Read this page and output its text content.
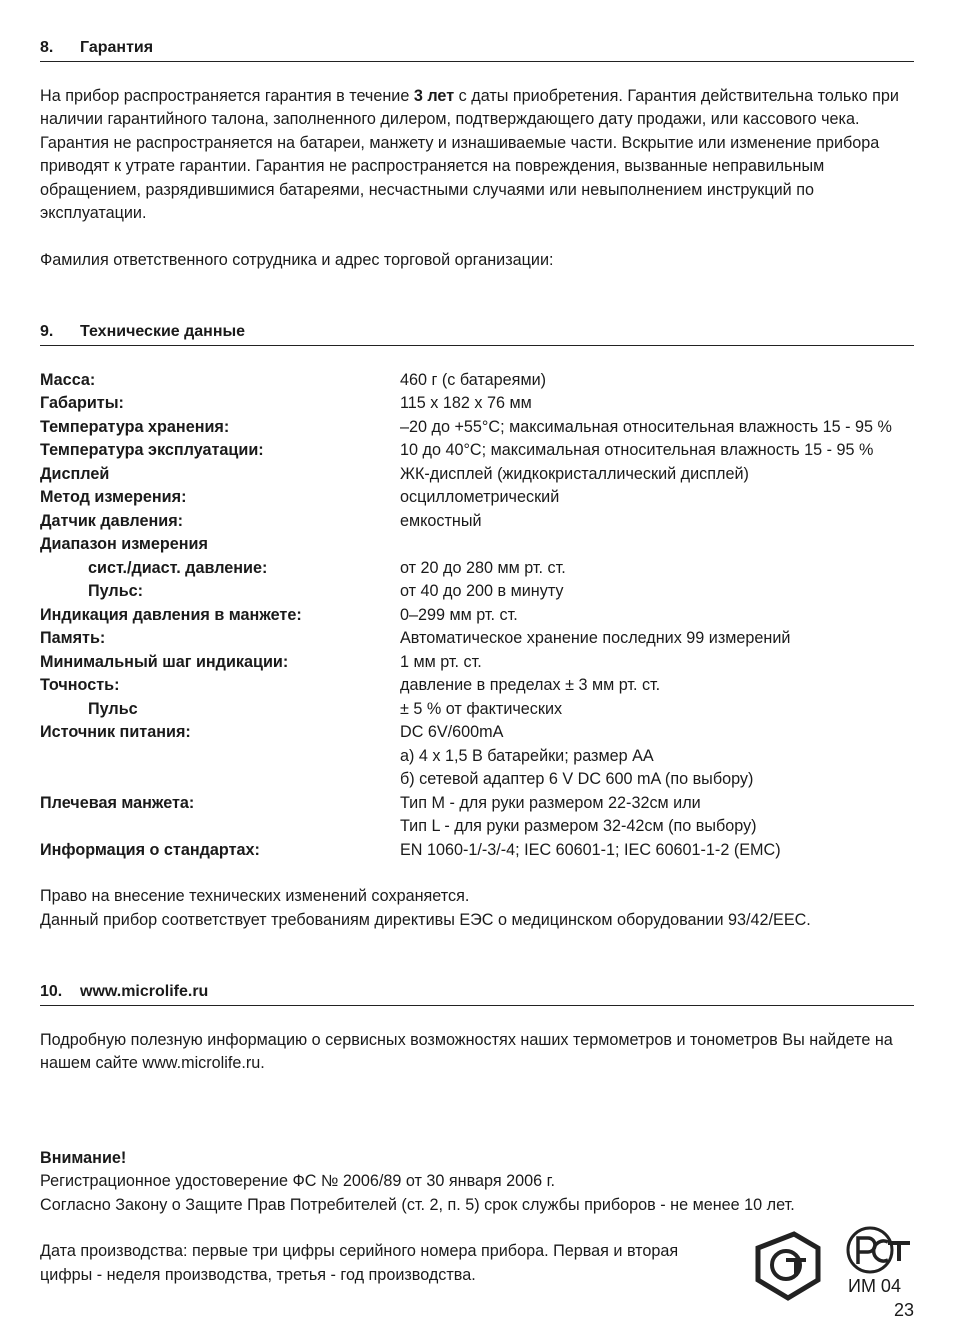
8.	Гарантия

На прибор распространяется гарантия в течение 3 лет с даты приобретения. Гарантия действительна только при наличии гарантийного талона, заполненного дилером, подтверждающего дату продажи, или кассового чека. Гарантия не распространяется на батареи, манжету и изнашиваемые части. Вскрытие или изменение прибора приводят к утрате гарантии. Гарантия не распространяется на повреждения, вызванные неправильным обращением, разрядившимися батареями, несчастными случаями или невыполнением инструкций по эксплуатации.

Фамилия ответственного сотрудника и адрес торговой организации:

9.	Технические данные
Масса:	460 г (с батареями)
Габариты:	115 x 182 x 76 мм
Температура хранения:	–20 до +55°С; максимальная относительная влажность 15 - 95 %
Температура эксплуатации:	10 до 40°С; максимальная относительная влажность 15 - 95 %
Дисплей	ЖК-дисплей (жидкокристаллический дисплей)
Метод измерения:	осциллометрический
Датчик давления:	емкостный
Диапазон измерения
сист./диаст. давление:	от 20 до 280 мм рт. ст.
Пульс:	от 40 до 200 в минуту
Индикация давления в манжете:	0–299 мм рт. ст.
Память:	Автоматическое хранение последних 99 измерений
Минимальный шаг индикации:	1 мм рт. ст.
Точность:	давление в пределах ± 3 мм рт. ст.
Пульс	± 5 % от фактических
Источник питания:	DC 6V/600mA
а) 4 x 1,5 В батарейки; размер АА
б) сетевой адаптер 6 V DC 600 mA (по выбору)
Плечевая манжета:	Тип М - для руки размером 22-32см или
Тип L - для руки размером 32-42см (по выбору)
Информация о стандартах:	EN 1060-1/-3/-4; IEC 60601-1; IEC 60601-1-2 (EMC)

Право на внесение технических изменений сохраняется.

Данный прибор соответствует требованиям директивы ЕЭС о медицинском оборудовании 93/42/EEC.

10.	www.microlife.ru

Подробную полезную информацию о сервисных возможностях наших термометров и тонометров Вы найдете на нашем сайте www.microlife.ru.

Внимание!

Регистрационное удостоверение ФС № 2006/89 от 30 января 2006 г.

Согласно Закону о Защите Прав Потребителей (ст. 2, п. 5) срок службы приборов - не менее 10 лет.

Дата производства: первые три цифры серийного номера прибора. Первая и вторая

цифры - неделя производства, третья - год производства.

ИМ 04
23
